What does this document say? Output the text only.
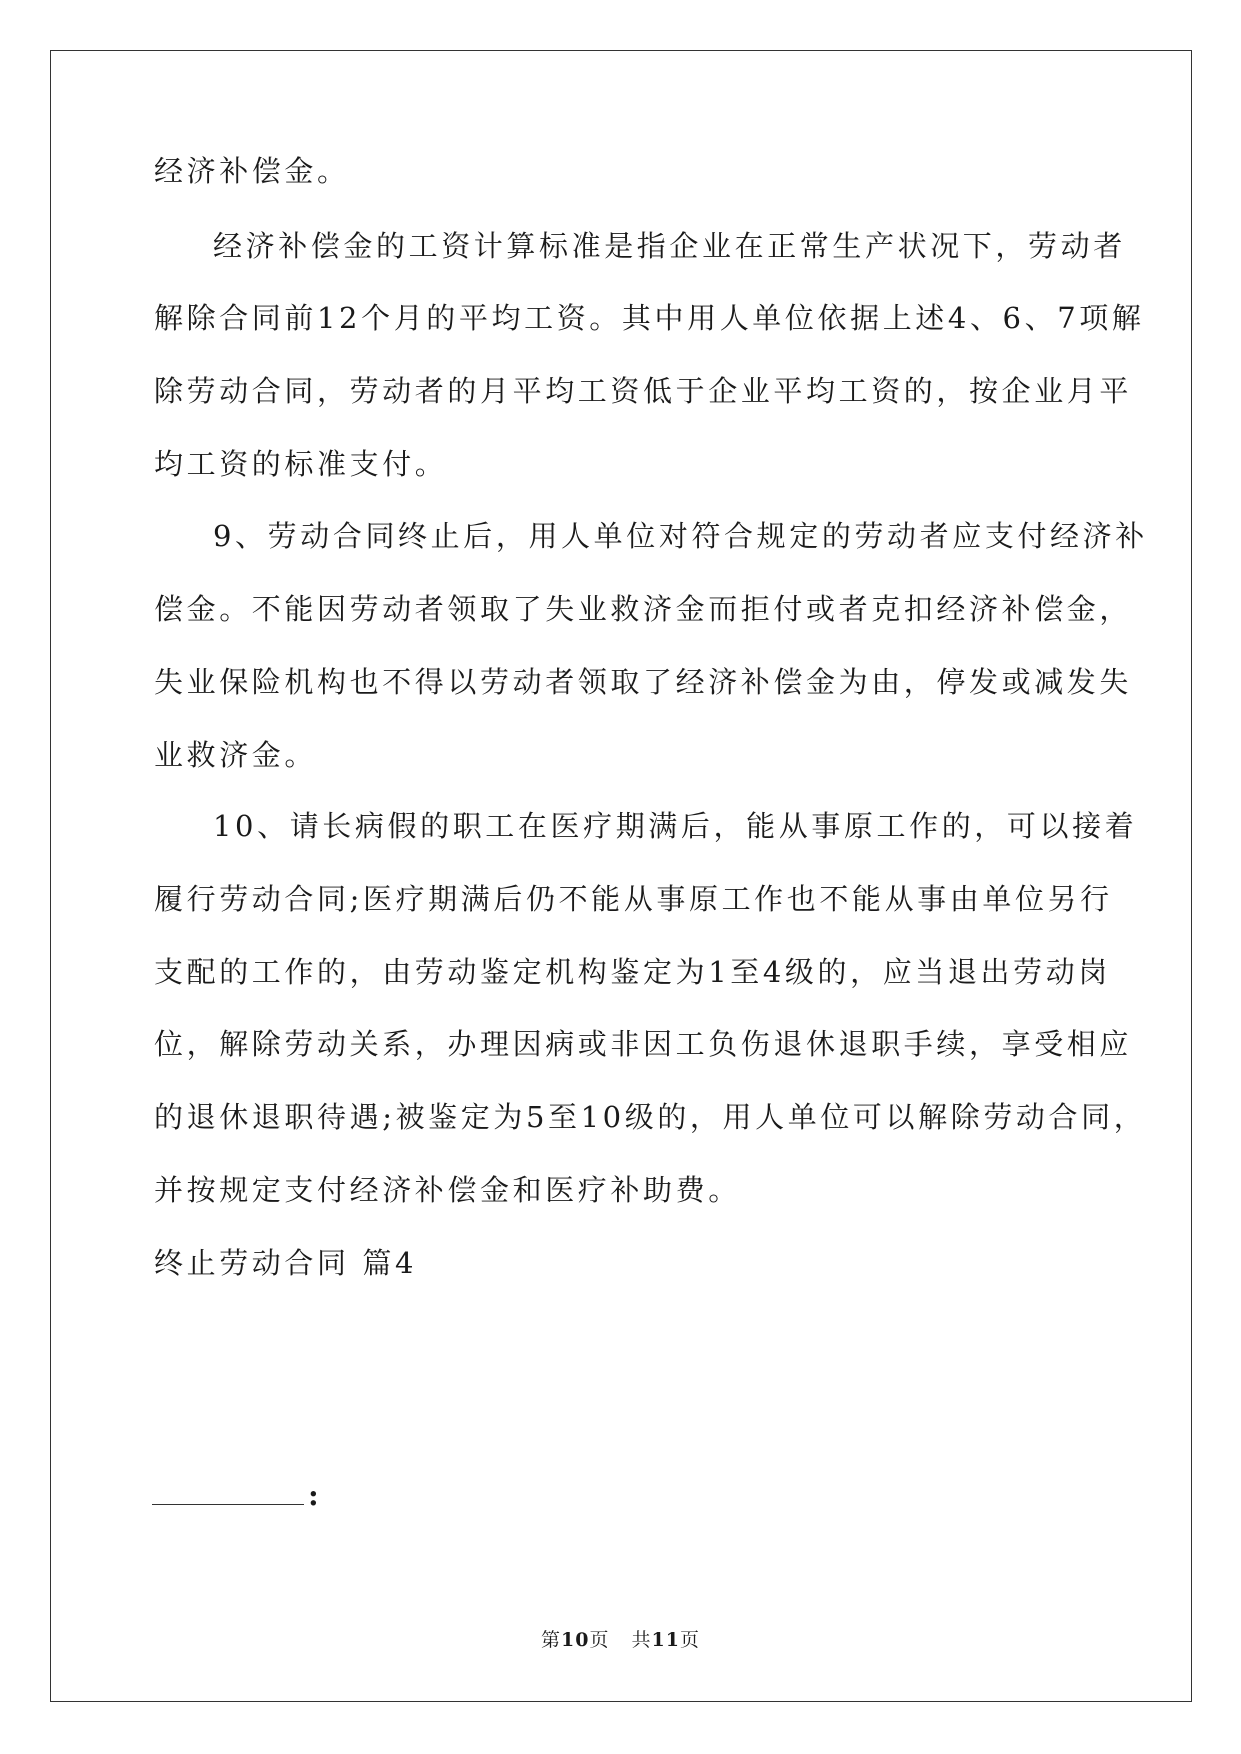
经济补偿金。
经济补偿金的工资计算标准是指企业在正常生产状况下，劳动者
解除合同前12个月的平均工资。其中用人单位依据上述4、6、7项解
除劳动合同，劳动者的月平均工资低于企业平均工资的，按企业月平
均工资的标准支付。
9、劳动合同终止后，用人单位对符合规定的劳动者应支付经济补
偿金。不能因劳动者领取了失业救济金而拒付或者克扣经济补偿金，
失业保险机构也不得以劳动者领取了经济补偿金为由，停发或减发失
业救济金。
10、请长病假的职工在医疗期满后，能从事原工作的，可以接着
履行劳动合同;医疗期满后仍不能从事原工作也不能从事由单位另行
支配的工作的，由劳动鉴定机构鉴定为1至4级的，应当退出劳动岗
位，解除劳动关系，办理因病或非因工负伤退休退职手续，享受相应
的退休退职待遇;被鉴定为5至10级的，用人单位可以解除劳动合同，
并按规定支付经济补偿金和医疗补助费。
终止劳动合同 篇4
:
第10页 共11页
